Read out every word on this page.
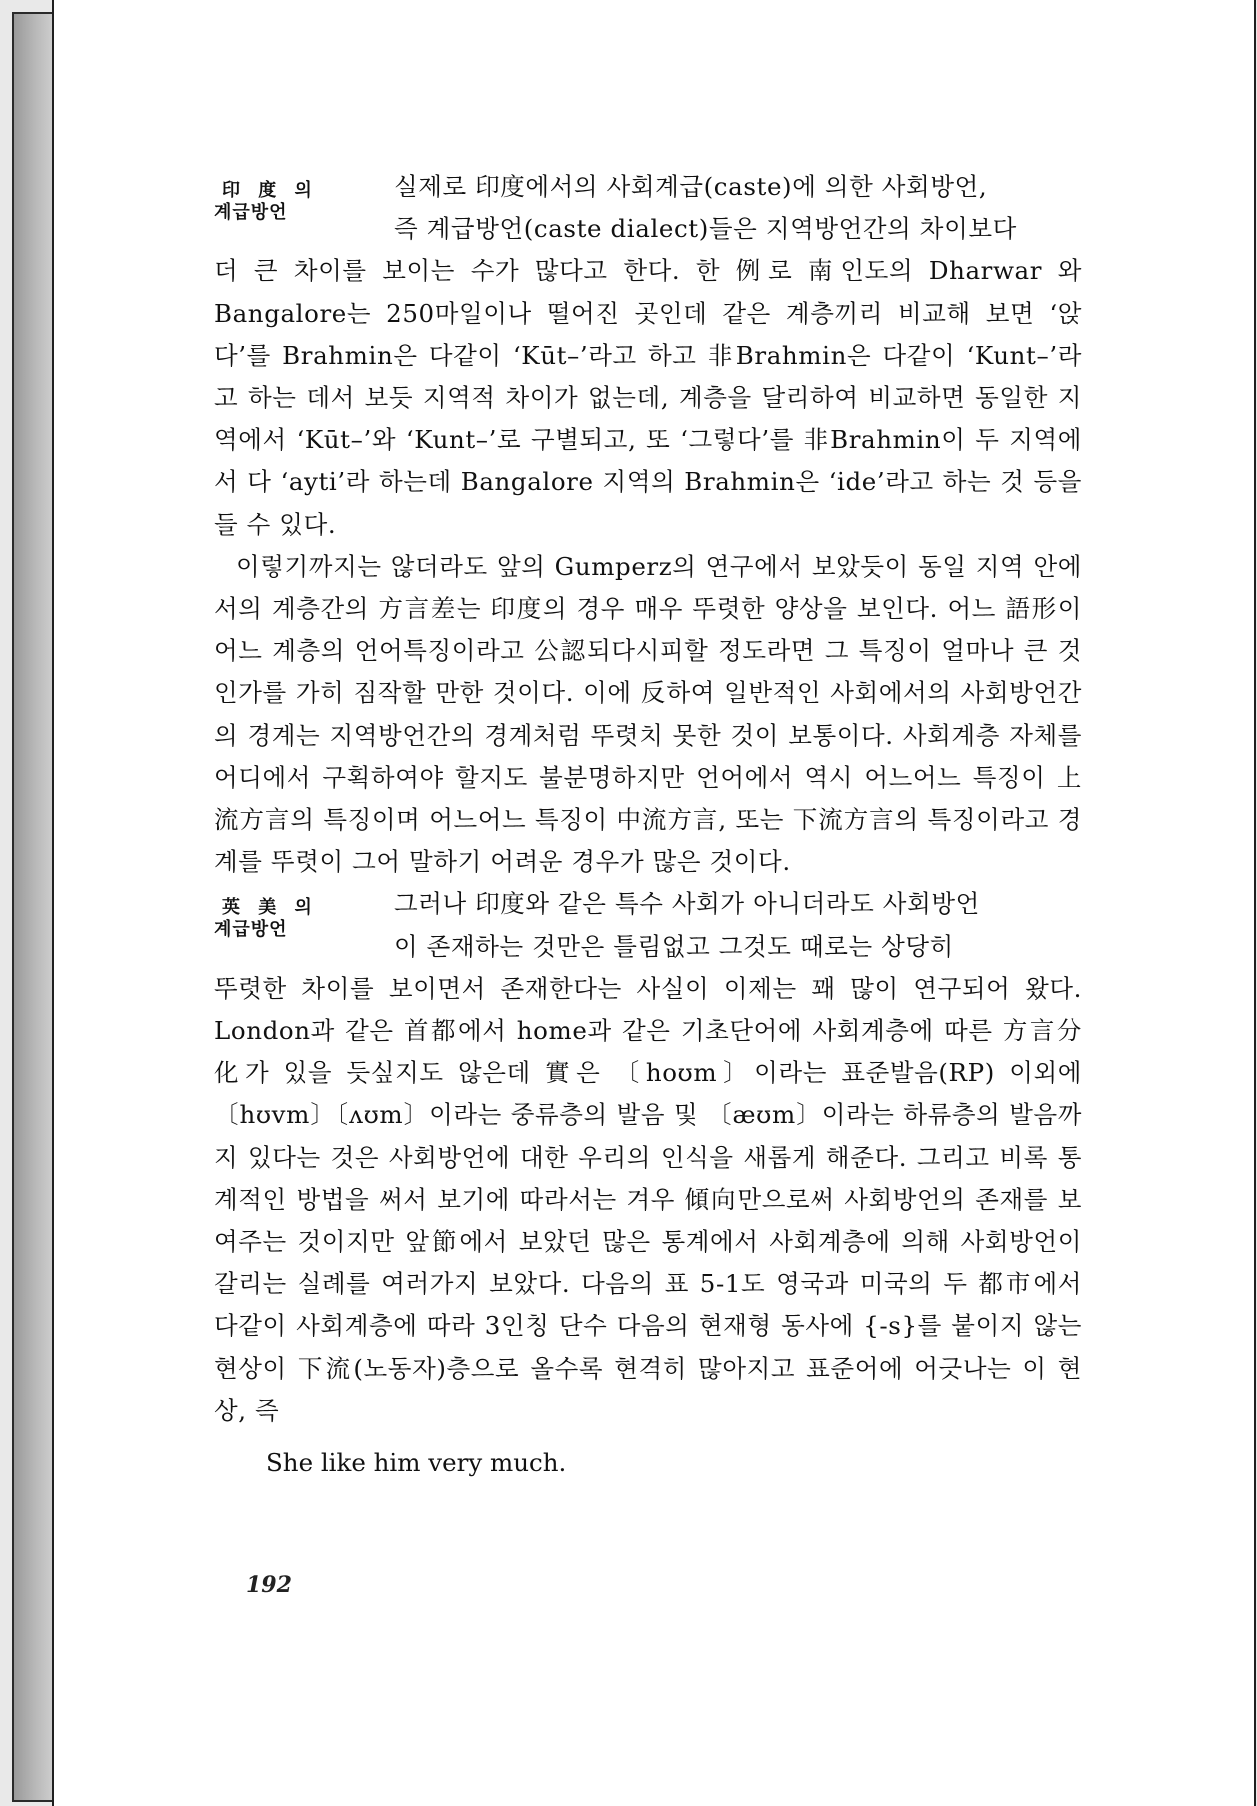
印 度 의
계급방언

실제로 印度에서의 사회계급(caste)에 의한 사회방언,

즉 계급방언(caste dialect)들은 지역방언간의 차이보다

더 큰 차이를 보이는 수가 많다고 한다. 한 例로 南인도의 Dharwar 와 Bangalore는 250마일이나 떨어진 곳인데 같은 계층끼리 비교해 보면 ‘앉다’를 Brahmin은 다같이 ‘Kūt–’라고 하고 非Brahmin은 다같이 ‘Kunt–’라고 하는 데서 보듯 지역적 차이가 없는데, 계층을 달리하여 비교하면 동일한 지역에서 ‘Kūt–’와 ‘Kunt–’로 구별되고, 또 ‘그렇다’를 非Brahmin이 두 지역에서 다 ‘ayti’라 하는데 Bangalore 지역의 Brahmin은 ‘ide’라고 하는 것 등을 들 수 있다.

이렇기까지는 않더라도 앞의 Gumperz의 연구에서 보았듯이 동일 지역 안에서의 계층간의 方言差는 印度의 경우 매우 뚜렷한 양상을 보인다. 어느 語形이 어느 계층의 언어특징이라고 公認되다시피할 정도라면 그 특징이 얼마나 큰 것인가를 가히 짐작할 만한 것이다. 이에 反하여 일반적인 사회에서의 사회방언간의 경계는 지역방언간의 경계처럼 뚜렷치 못한 것이 보통이다. 사회계층 자체를 어디에서 구획하여야 할지도 불분명하지만 언어에서 역시 어느어느 특징이 上流方言의 특징이며 어느어느 특징이 中流方言, 또는 下流方言의 특징이라고 경계를 뚜렷이 그어 말하기 어려운 경우가 많은 것이다.

英 美 의
계급방언

그러나 印度와 같은 특수 사회가 아니더라도 사회방언

이 존재하는 것만은 틀림없고 그것도 때로는 상당히

뚜렷한 차이를 보이면서 존재한다는 사실이 이제는 꽤 많이 연구되어 왔다. London과 같은 首都에서 home과 같은 기초단어에 사회계층에 따른 方言分化가 있을 듯싶지도 않은데 實은 〔hoʊm〕이라는 표준발음(RP) 이외에 〔hʊvm〕〔ʌʊm〕이라는 중류층의 발음 및 〔æʊm〕이라는 하류층의 발음까지 있다는 것은 사회방언에 대한 우리의 인식을 새롭게 해준다. 그리고 비록 통계적인 방법을 써서 보기에 따라서는 겨우 傾向만으로써 사회방언의 존재를 보여주는 것이지만 앞節에서 보았던 많은 통계에서 사회계층에 의해 사회방언이 갈리는 실례를 여러가지 보았다. 다음의 표 5-1도 영국과 미국의 두 都市에서 다같이 사회계층에 따라 3인칭 단수 다음의 현재형 동사에 {-s}를 붙이지 않는 현상이 下流(노동자)층으로 올수록 현격히 많아지고 표준어에 어긋나는 이 현상, 즉

She like him very much.
192
